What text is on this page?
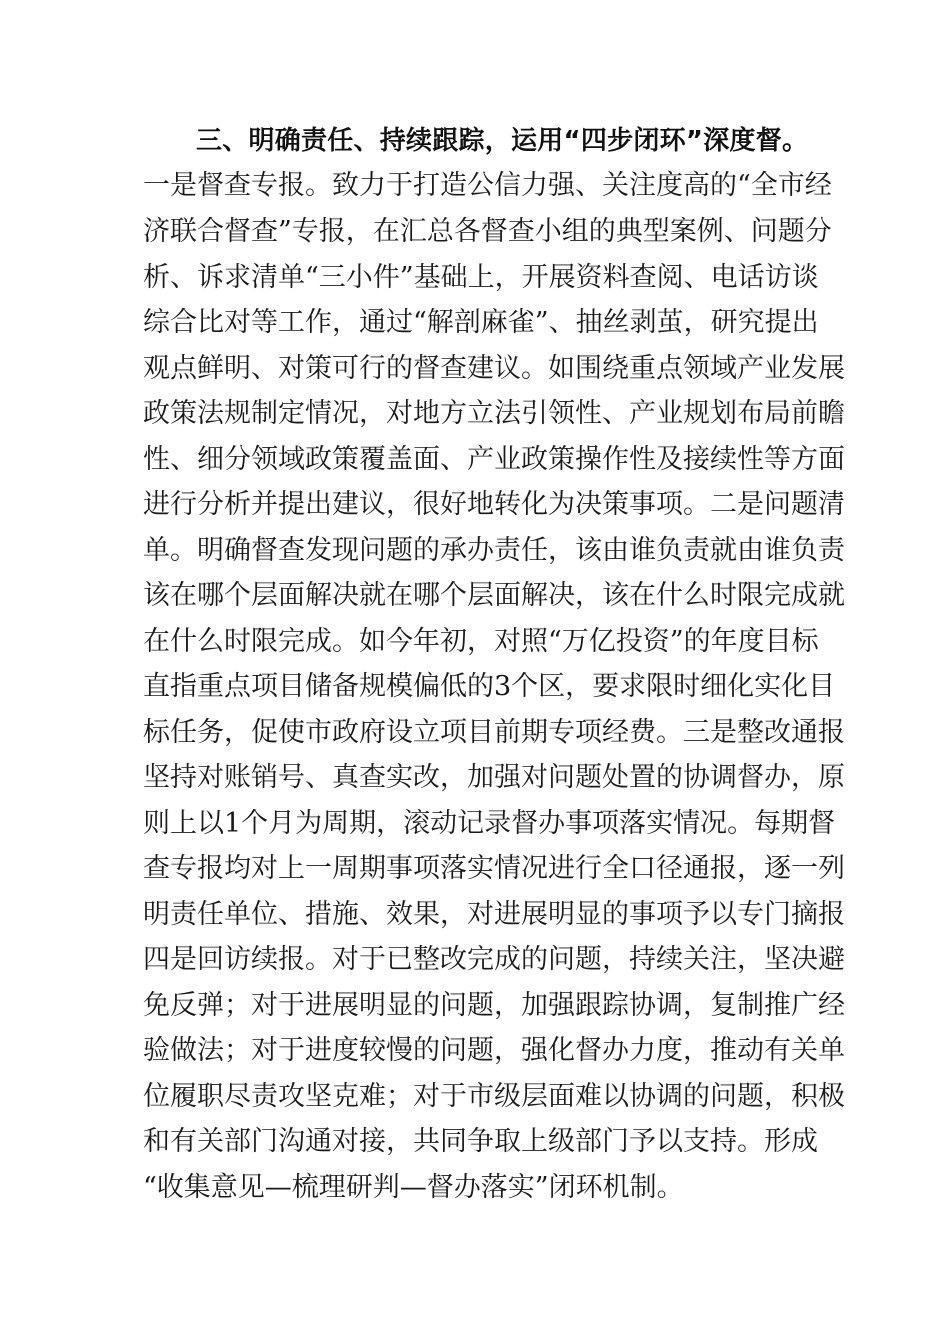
三、明确责任、持续跟踪，运用“四步闭环”深度督。
一是督查专报。致力于打造公信力强、关注度高的“全市经
济联合督查”专报，在汇总各督查小组的典型案例、问题分
析、诉求清单“三小件”基础上，开展资料查阅、电话访谈
综合比对等工作，通过“解剖麻雀”、抽丝剥茧，研究提出
观点鲜明、对策可行的督查建议。如围绕重点领域产业发展
政策法规制定情况，对地方立法引领性、产业规划布局前瞻
性、细分领域政策覆盖面、产业政策操作性及接续性等方面
进行分析并提出建议，很好地转化为决策事项。二是问题清
单。明确督查发现问题的承办责任，该由谁负责就由谁负责
该在哪个层面解决就在哪个层面解决，该在什么时限完成就
在什么时限完成。如今年初，对照“万亿投资”的年度目标
直指重点项目储备规模偏低的3个区，要求限时细化实化目
标任务，促使市政府设立项目前期专项经费。三是整改通报
坚持对账销号、真查实改，加强对问题处置的协调督办，原
则上以1个月为周期，滚动记录督办事项落实情况。每期督
查专报均对上一周期事项落实情况进行全口径通报，逐一列
明责任单位、措施、效果，对进展明显的事项予以专门摘报
四是回访续报。对于已整改完成的问题，持续关注，坚决避
免反弹；对于进展明显的问题，加强跟踪协调，复制推广经
验做法；对于进度较慢的问题，强化督办力度，推动有关单
位履职尽责攻坚克难；对于市级层面难以协调的问题，积极
和有关部门沟通对接，共同争取上级部门予以支持。形成
“收集意见—梳理研判—督办落实”闭环机制。
